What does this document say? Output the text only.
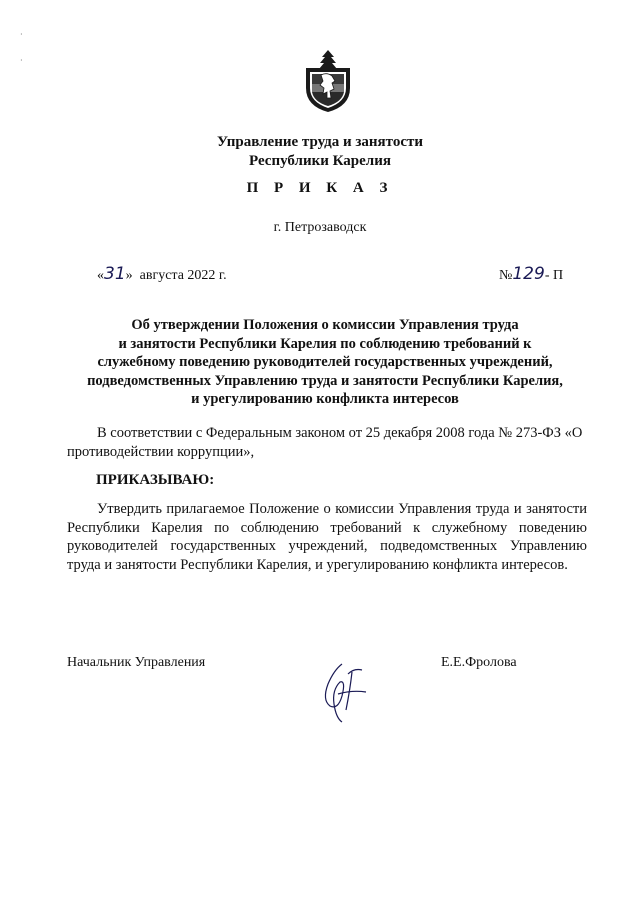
·
·
Управление труда и занятости
Республики Карелия
П Р И К А З
г. Петрозаводск
«31» августа 2022 г.	№129- П
Об утверждении Положения о комиссии Управления труда
и занятости Республики Карелия по соблюдению требований к
служебному поведению руководителей государственных учреждений,
подведомственных Управлению труда и занятости Республики Карелия,
и урегулированию конфликта интересов
В соответствии с Федеральным законом от 25 декабря 2008 года № 273-ФЗ «О противодействии коррупции»,
ПРИКАЗЫВАЮ:
Утвердить прилагаемое Положение о комиссии Управления труда и занятости Республики Карелия по соблюдению требований к служебному поведению руководителей государственных учреждений, подведомственных Управлению труда и занятости Республики Карелия, и урегулированию конфликта интересов.
Начальник Управления	Е.Е.Фролова
